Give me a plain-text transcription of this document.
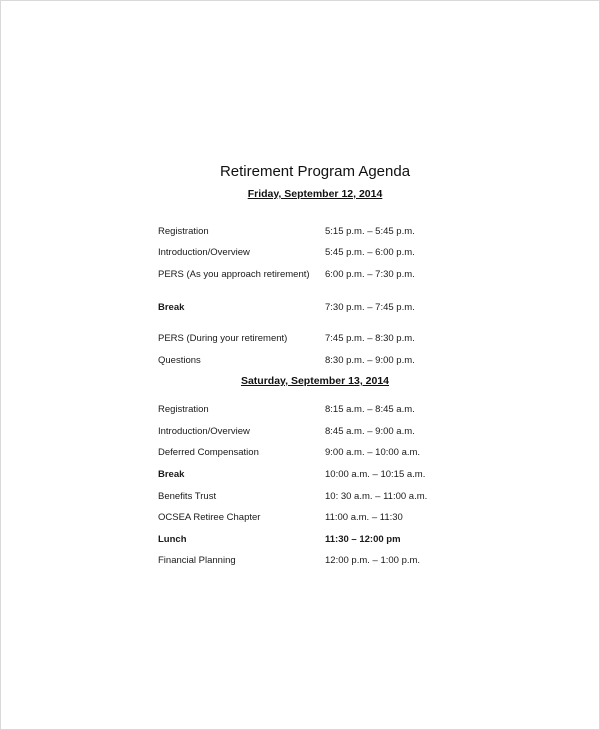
Retirement Program Agenda
Friday, September 12, 2014
Registration	5:15 p.m. – 5:45 p.m.
Introduction/Overview	5:45 p.m. – 6:00 p.m.
PERS (As you approach retirement) 6:00 p.m. – 7:30 p.m.
Break	7:30 p.m. – 7:45 p.m.
PERS (During your retirement)	7:45 p.m. – 8:30 p.m.
Questions	8:30 p.m. – 9:00 p.m.
Saturday, September 13, 2014
Registration	8:15 a.m. – 8:45 a.m.
Introduction/Overview	8:45 a.m. – 9:00 a.m.
Deferred Compensation	9:00 a.m. – 10:00 a.m.
Break	10:00 a.m. – 10:15 a.m.
Benefits Trust	10: 30 a.m. – 11:00 a.m.
OCSEA Retiree Chapter	11:00 a.m. – 11:30
Lunch	11:30 – 12:00 pm
Financial Planning	12:00 p.m. – 1:00 p.m.
